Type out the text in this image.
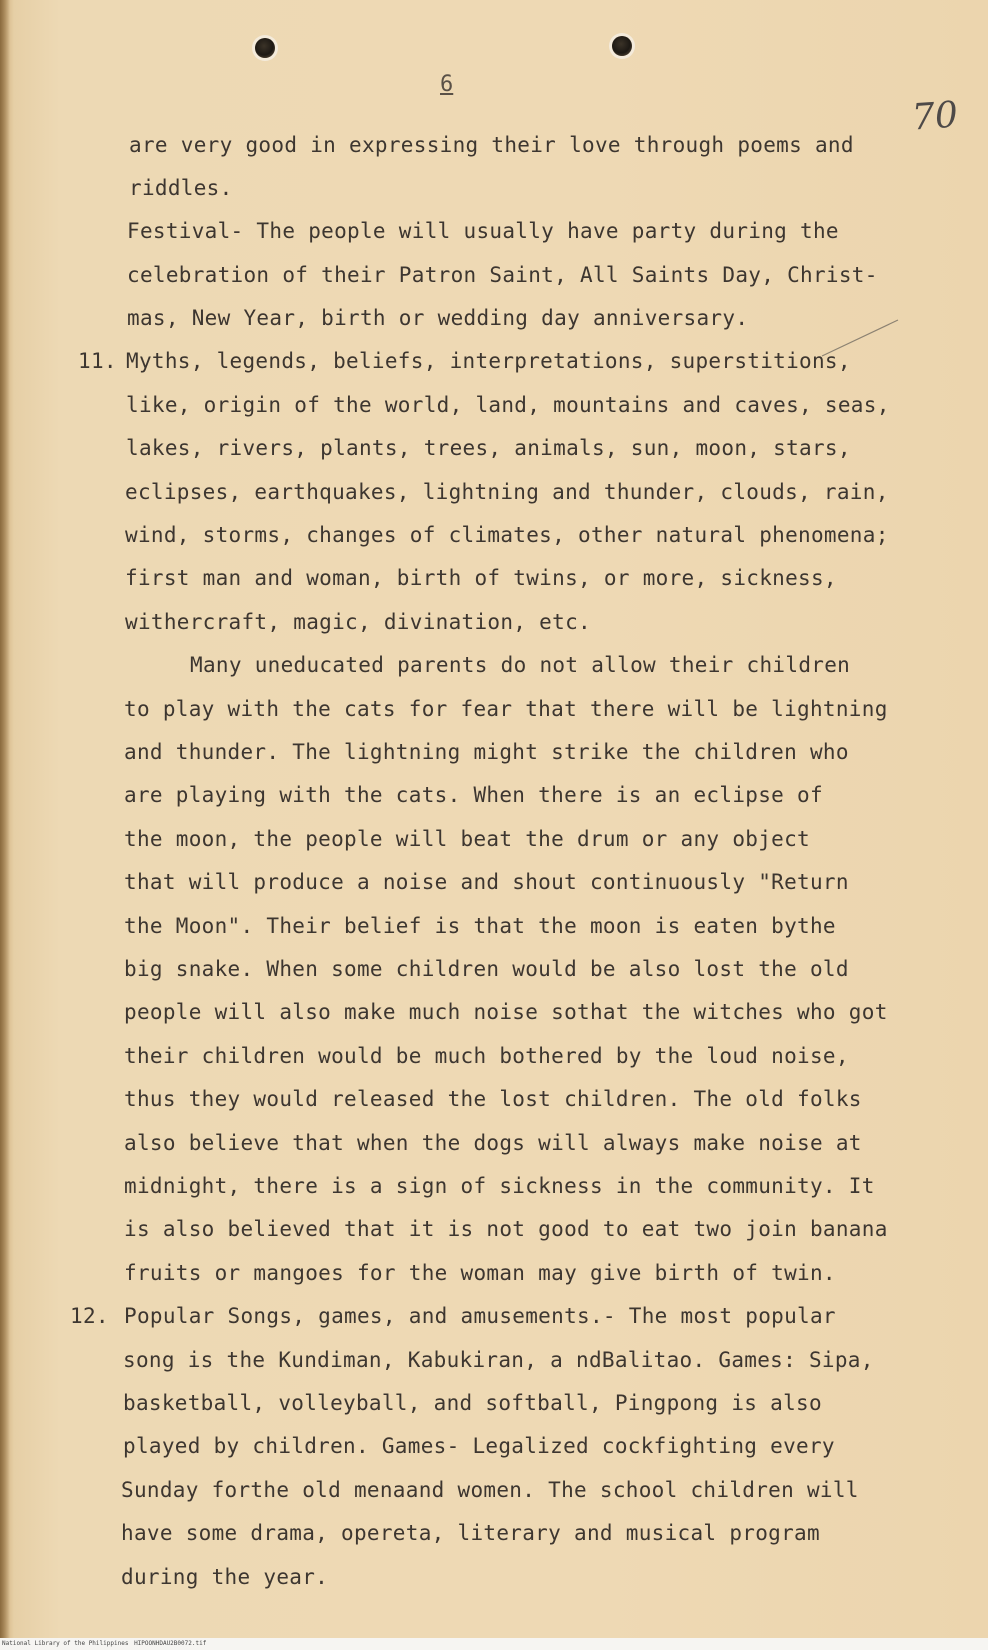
6
70
are very good in expressing their love through poems and
riddles.
Festival- The people will usually have party during the
celebration of their Patron Saint, All Saints Day, Christ-
mas, New Year, birth or wedding day anniversary.
11. Myths, legends, beliefs, interpretations, superstitions,
like, origin of the world, land, mountains and caves, seas,
lakes, rivers, plants, trees, animals, sun, moon, stars,
eclipses, earthquakes, lightning and thunder, clouds, rain,
wind, storms, changes of climates, other natural phenomena;
first man and woman, birth of twins, or more, sickness,
withercraft, magic, divination, etc.
Many uneducated parents do not allow their children
to play with the cats for fear that there will be lightning
and thunder. The lightning might strike the children who
are playing with the cats. When there is an eclipse of
the moon, the people will beat the drum or any object
that will produce a noise and shout continuously "Return
the Moon". Their belief is that the moon is eaten bythe
big snake. When some children would be also lost the old
people will also make much noise sothat the witches who got
their children would be much bothered by the loud noise,
thus they would released the lost children. The old folks
also believe that when the dogs will always make noise at
midnight, there is a sign of sickness in the community. It
is also believed that it is not good to eat two join banana
fruits or mangoes for the woman may give birth of twin.
12. Popular Songs, games, and amusements.- The most popular
song is the Kundiman, Kabukiran, a ndBalitao. Games: Sipa,
basketball, volleyball, and softball, Pingpong is also
played by children. Games- Legalized cockfighting every
Sunday forthe old menaand women. The school children will
have some drama, opereta, literary and musical program
during the year.
National Library of the Philippines HIPOONHDAU2B0072.tif
